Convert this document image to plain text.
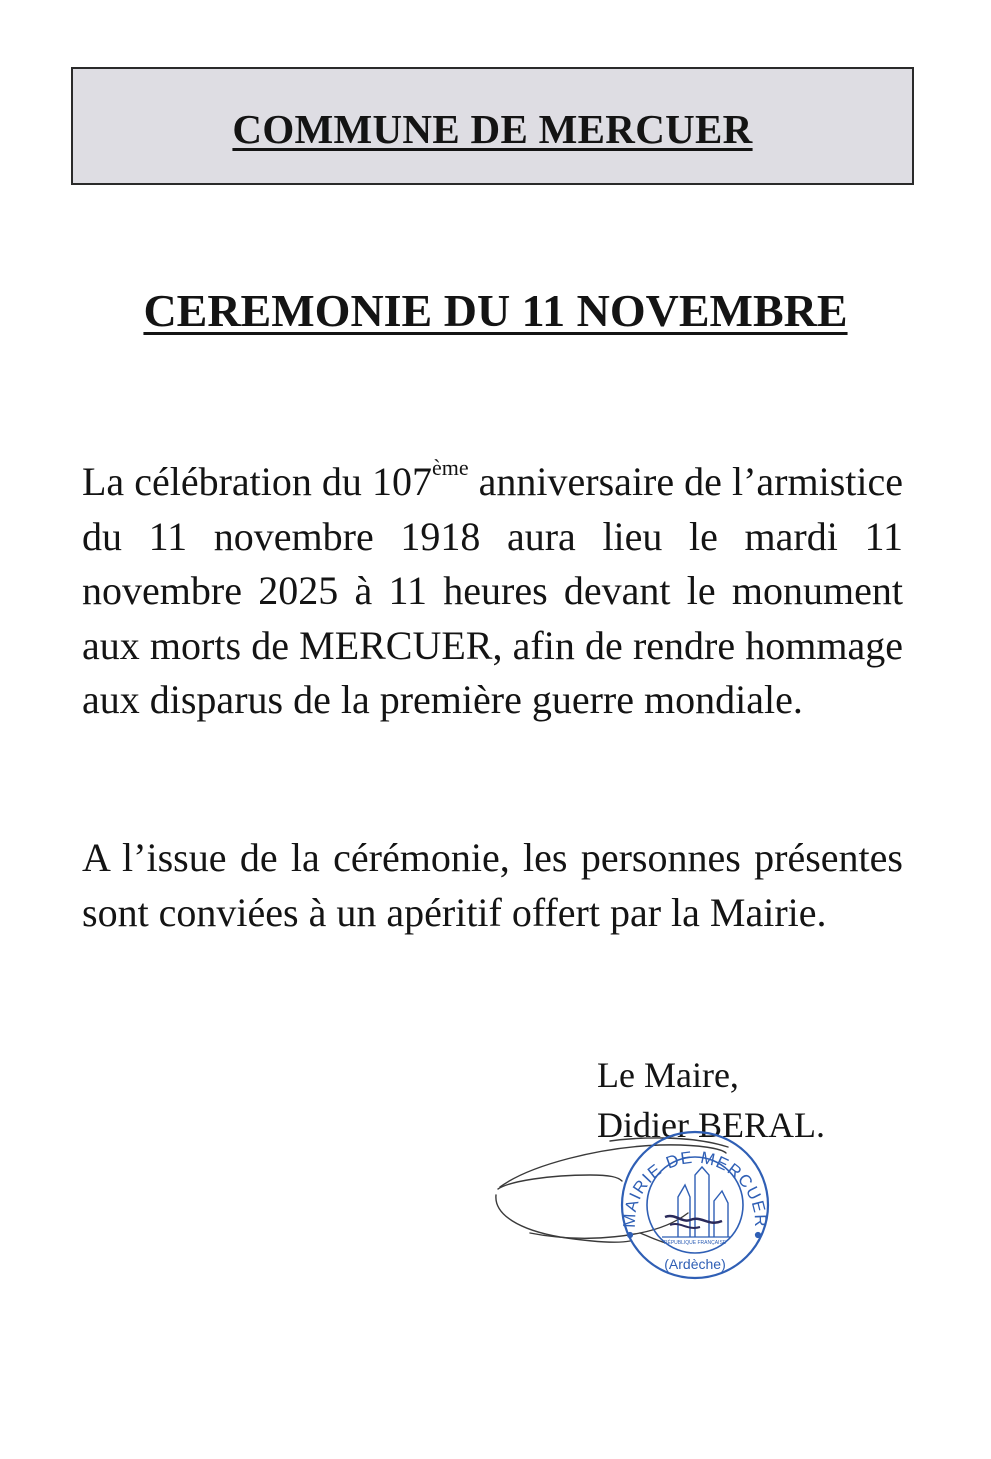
COMMUNE DE MERCUER
CEREMONIE DU 11 NOVEMBRE

La célébration du 107ème anniversaire de l’armistice du 11 novembre 1918 aura lieu le mardi 11 novembre 2025 à 11 heures devant le monument aux morts de MERCUER, afin de rendre hommage aux disparus de la première guerre mondiale.

A l’issue de la cérémonie, les personnes présentes sont conviées à un apéritif offert par la Mairie.

Le Maire,
Didier BERAL.
MAIRIE DE MERCUER
RÉPUBLIQUE FRANÇAISE
(Ardèche)
